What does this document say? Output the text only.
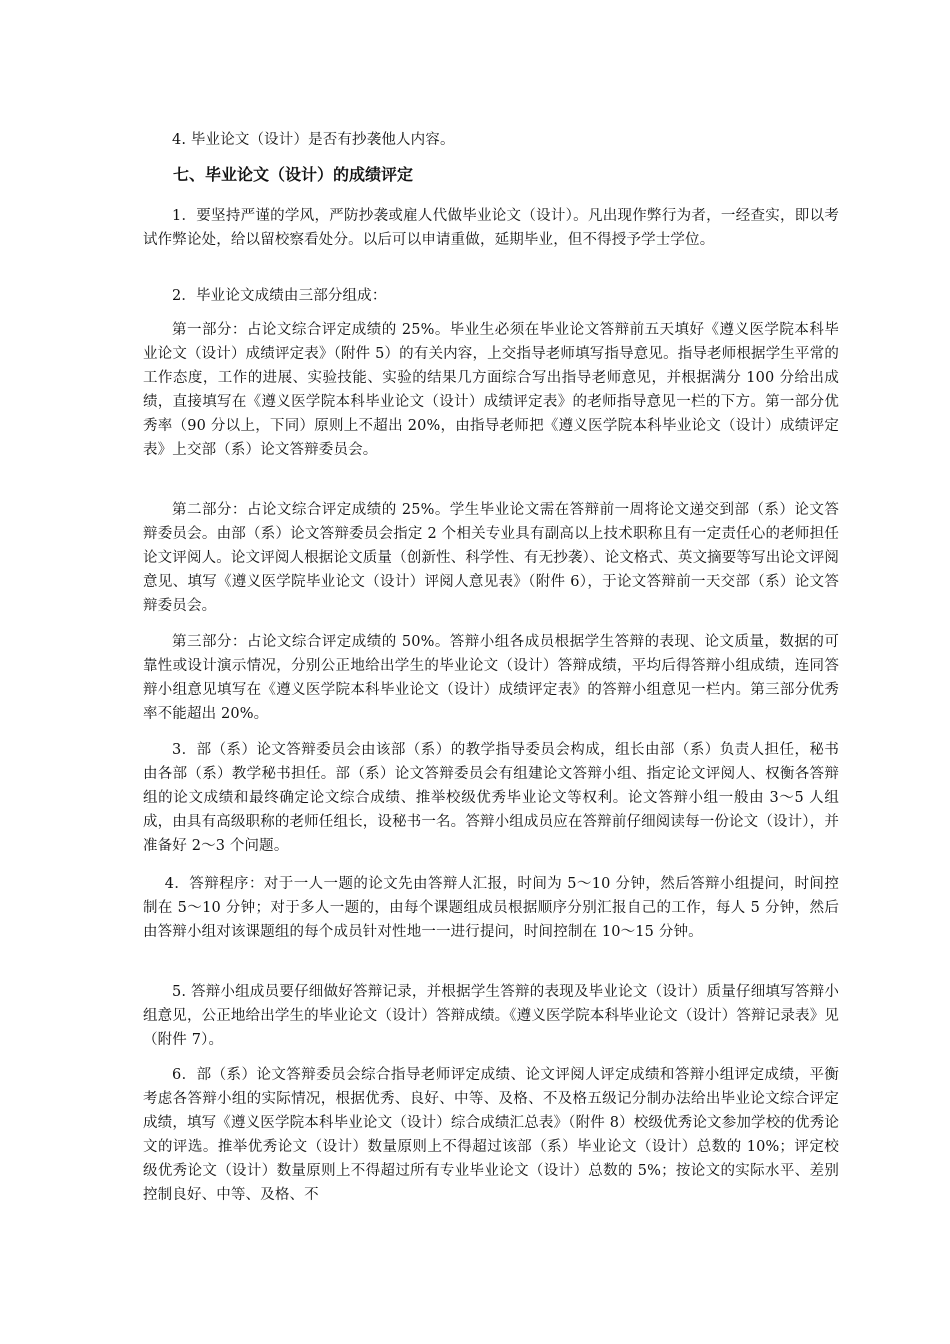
4. 毕业论文（设计）是否有抄袭他人内容。

七、毕业论文（设计）的成绩评定

1．要坚持严谨的学风，严防抄袭或雇人代做毕业论文（设计）。凡出现作弊行为者，一经查实，即以考试作弊论处，给以留校察看处分。以后可以申请重做，延期毕业，但不得授予学士学位。

2．毕业论文成绩由三部分组成：

第一部分：占论文综合评定成绩的 25%。毕业生必须在毕业论文答辩前五天填好《遵义医学院本科毕业论文（设计）成绩评定表》（附件 5）的有关内容，上交指导老师填写指导意见。指导老师根据学生平常的工作态度，工作的进展、实验技能、实验的结果几方面综合写出指导老师意见，并根据满分 100 分给出成绩，直接填写在《遵义医学院本科毕业论文（设计）成绩评定表》的老师指导意见一栏的下方。第一部分优秀率（90 分以上，下同）原则上不超出 20%，由指导老师把《遵义医学院本科毕业论文（设计）成绩评定表》上交部（系）论文答辩委员会。

第二部分：占论文综合评定成绩的 25%。学生毕业论文需在答辩前一周将论文递交到部（系）论文答辩委员会。由部（系）论文答辩委员会指定 2 个相关专业具有副高以上技术职称且有一定责任心的老师担任论文评阅人。论文评阅人根据论文质量（创新性、科学性、有无抄袭）、论文格式、英文摘要等写出论文评阅意见、填写《遵义医学院毕业论文（设计）评阅人意见表》（附件 6），于论文答辩前一天交部（系）论文答辩委员会。

第三部分：占论文综合评定成绩的 50%。答辩小组各成员根据学生答辩的表现、论文质量，数据的可靠性或设计演示情况，分别公正地给出学生的毕业论文（设计）答辩成绩，平均后得答辩小组成绩，连同答辩小组意见填写在《遵义医学院本科毕业论文（设计）成绩评定表》的答辩小组意见一栏内。第三部分优秀率不能超出 20%。

3．部（系）论文答辩委员会由该部（系）的教学指导委员会构成，组长由部（系）负责人担任，秘书由各部（系）教学秘书担任。部（系）论文答辩委员会有组建论文答辩小组、指定论文评阅人、权衡各答辩组的论文成绩和最终确定论文综合成绩、推举校级优秀毕业论文等权利。论文答辩小组一般由 3～5 人组成，由具有高级职称的老师任组长，设秘书一名。答辩小组成员应在答辩前仔细阅读每一份论文（设计），并准备好 2～3 个问题。

4．答辩程序：对于一人一题的论文先由答辩人汇报，时间为 5～10 分钟，然后答辩小组提问，时间控制在 5～10 分钟；对于多人一题的，由每个课题组成员根据顺序分别汇报自己的工作，每人 5 分钟，然后由答辩小组对该课题组的每个成员针对性地一一进行提问，时间控制在 10～15 分钟。

5. 答辩小组成员要仔细做好答辩记录，并根据学生答辩的表现及毕业论文（设计）质量仔细填写答辩小组意见，公正地给出学生的毕业论文（设计）答辩成绩。《遵义医学院本科毕业论文（设计）答辩记录表》见（附件 7）。

6．部（系）论文答辩委员会综合指导老师评定成绩、论文评阅人评定成绩和答辩小组评定成绩，平衡考虑各答辩小组的实际情况，根据优秀、良好、中等、及格、不及格五级记分制办法给出毕业论文综合评定成绩，填写《遵义医学院本科毕业论文（设计）综合成绩汇总表》（附件 8）校级优秀论文参加学校的优秀论文的评选。推举优秀论文（设计）数量原则上不得超过该部（系）毕业论文（设计）总数的 10%；评定校级优秀论文（设计）数量原则上不得超过所有专业毕业论文（设计）总数的 5%；按论文的实际水平、差别控制良好、中等、及格、不
